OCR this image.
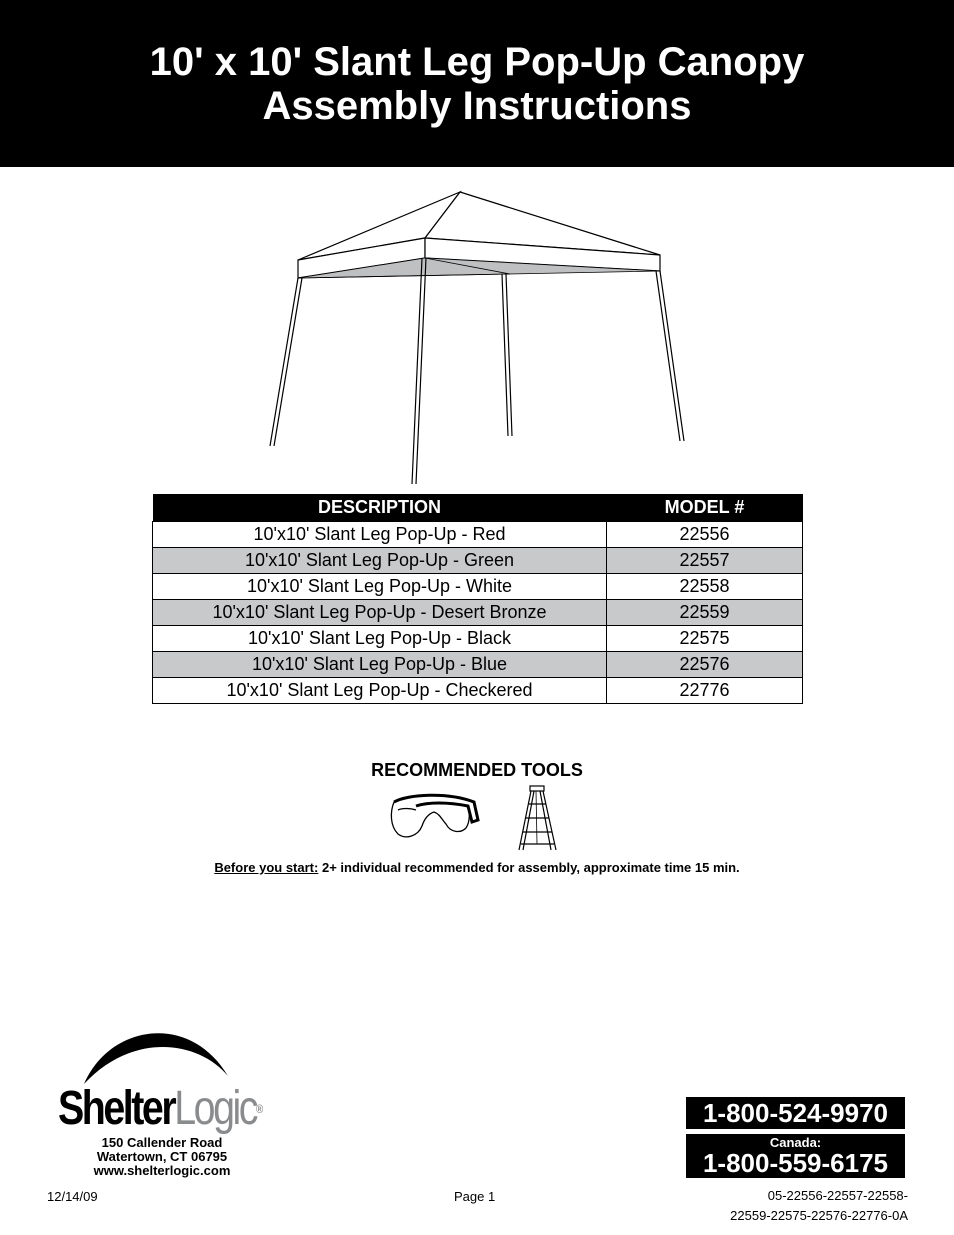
10' x 10' Slant Leg Pop-Up Canopy
Assembly Instructions
DESCRIPTION	MODEL #
10'x10' Slant Leg Pop-Up - Red	22556
10'x10' Slant Leg Pop-Up - Green	22557
10'x10' Slant Leg Pop-Up - White	22558
10'x10' Slant Leg Pop-Up - Desert Bronze	22559
10'x10' Slant Leg Pop-Up - Black	22575
10'x10' Slant Leg Pop-Up - Blue	22576
10'x10' Slant Leg Pop-Up - Checkered	22776
RECOMMENDED TOOLS
Before you start: 2+ individual recommended for assembly, approximate time 15 min.
ShelterLogic®
150 Callender Road
Watertown, CT 06795
www.shelterlogic.com
12/14/09	Page 1
1-800-524-9970
Canada:
1-800-559-6175
05-22556-22557-22558-
22559-22575-22576-22776-0A
